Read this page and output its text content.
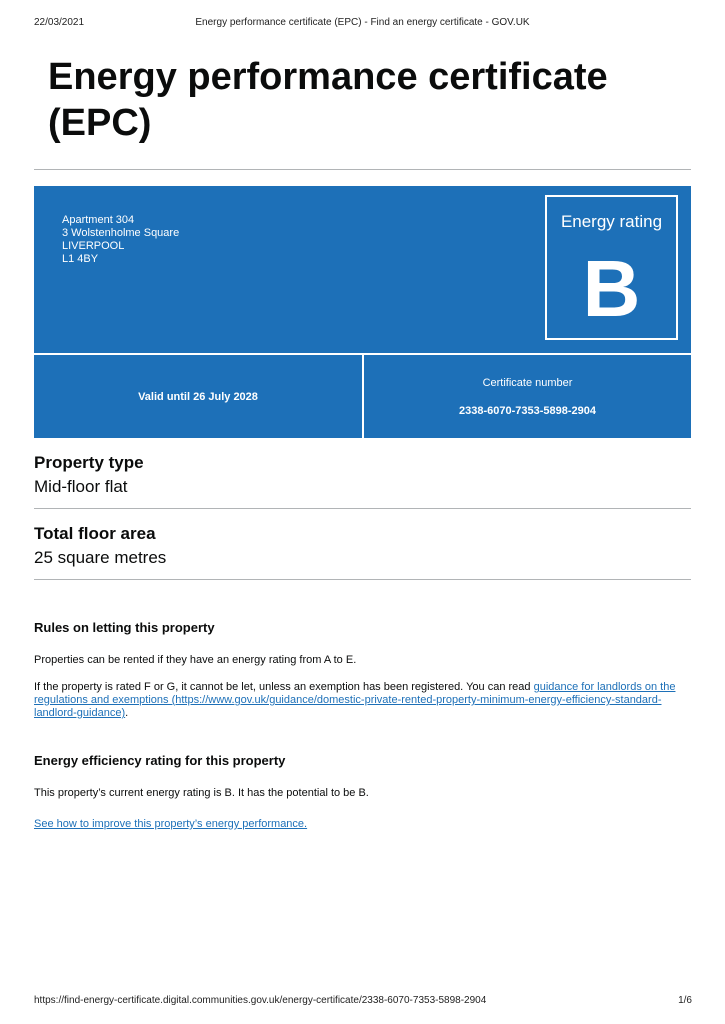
22/03/2021	Energy performance certificate (EPC) - Find an energy certificate - GOV.UK
Energy performance certificate (EPC)
Apartment 304
3 Wolstenholme Square
LIVERPOOL
L1 4BY
Energy rating
B
Valid until 26 July 2028
Certificate number
2338-6070-7353-5898-2904
Property type

Mid-floor flat

Total floor area

25 square metres

Rules on letting this property

Properties can be rented if they have an energy rating from A to E.

If the property is rated F or G, it cannot be let, unless an exemption has been registered. You can read guidance for landlords on the regulations and exemptions (https://www.gov.uk/guidance/domestic-private-rented-property-minimum-energy-efficiency-standard-landlord-guidance).

Energy efficiency rating for this property

This property’s current energy rating is B. It has the potential to be B.

See how to improve this property’s energy performance.

https://find-energy-certificate.digital.communities.gov.uk/energy-certificate/2338-6070-7353-5898-2904	1/6
